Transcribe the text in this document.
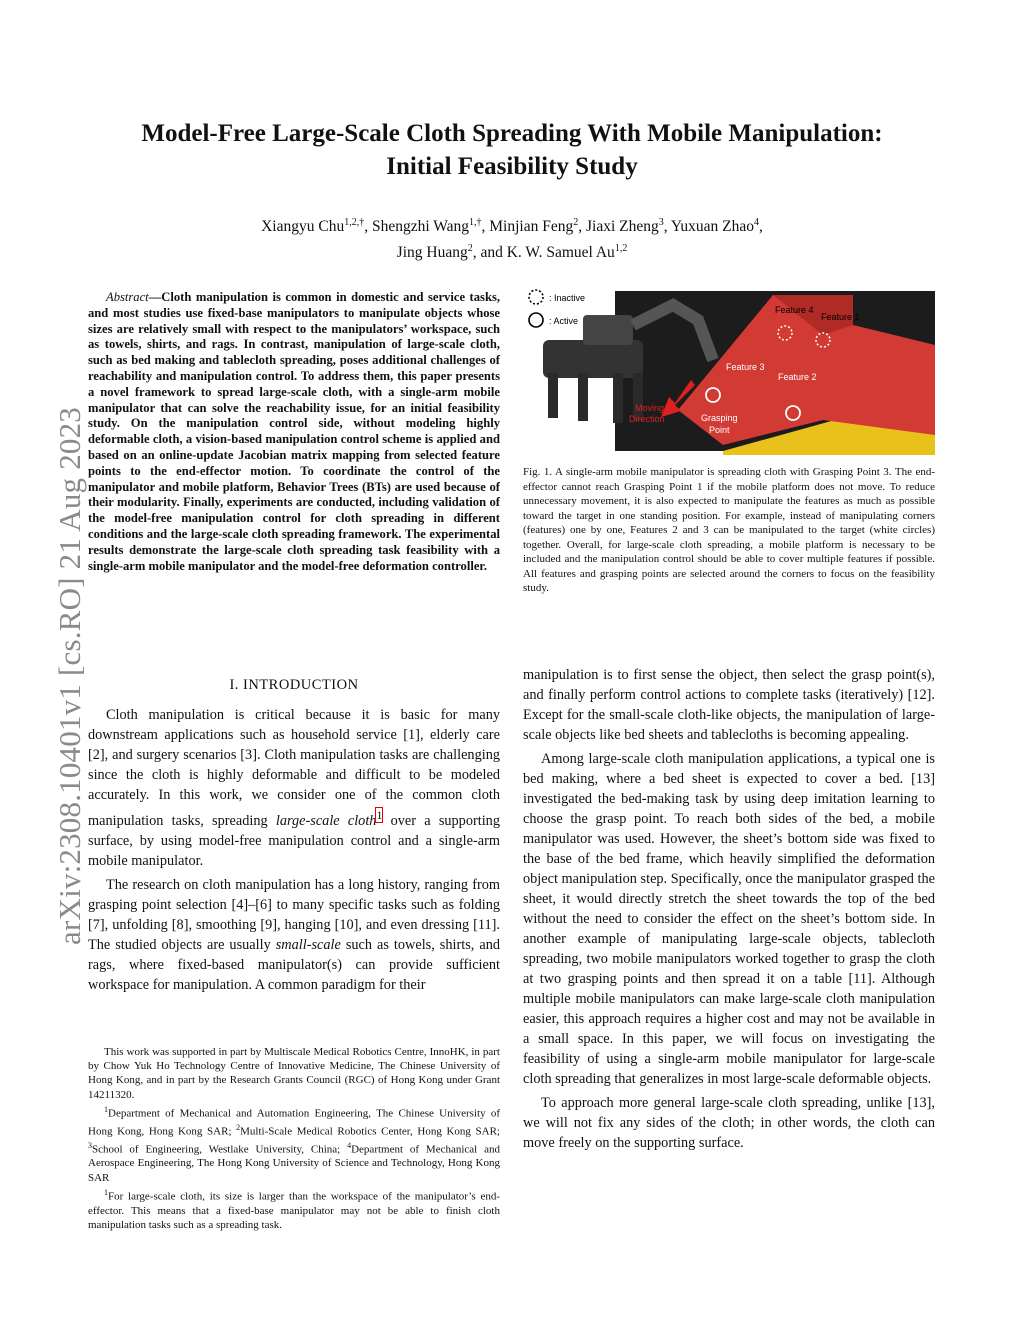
arXiv:2308.10401v1 [cs.RO] 21 Aug 2023
Model-Free Large-Scale Cloth Spreading With Mobile Manipulation:
Initial Feasibility Study
Xiangyu Chu$^{1,2,\dagger}$, Shengzhi Wang$^{1,\dagger}$, Minjian Feng$^2$, Jiaxi Zheng$^3$, Yuxuan Zhao$^4$,
Jing Huang$^2$, and K. W. Samuel Au$^{1,2}$
Abstract—Cloth manipulation is common in domestic and service tasks, and most studies use fixed-base manipulators to manipulate objects whose sizes are relatively small with respect to the manipulators’ workspace, such as towels, shirts, and rags. In contrast, manipulation of large-scale cloth, such as bed making and tablecloth spreading, poses additional challenges of reachability and manipulation control. To address them, this paper presents a novel framework to spread large-scale cloth, with a single-arm mobile manipulator that can solve the reachability issue, for an initial feasibility study. On the manipulation control side, without modeling highly deformable cloth, a vision-based manipulation control scheme is applied and based on an online-update Jacobian matrix mapping from selected feature points to the end-effector motion. To coordinate the control of the manipulator and mobile platform, Behavior Trees (BTs) are used because of their modularity. Finally, experiments are conducted, including validation of the model-free manipulation control for cloth spreading in different conditions and the large-scale cloth spreading framework. The experimental results demonstrate the large-scale cloth spreading task feasibility with a single-arm mobile manipulator and the model-free deformation controller.
I. INTRODUCTION

Cloth manipulation is critical because it is basic for many downstream applications such as household service [1], elderly care [2], and surgery scenarios [3]. Cloth manipulation tasks are challenging since the cloth is highly deformable and difficult to be modeled accurately. In this work, we consider one of the common cloth manipulation tasks, spreading large-scale cloth$^1$ over a supporting surface, by using model-free manipulation control and a single-arm mobile manipulator.

The research on cloth manipulation has a long history, ranging from grasping point selection [4]–[6] to many specific tasks such as folding [7], unfolding [8], smoothing [9], hanging [10], and even dressing [11]. The studied objects are usually small-scale such as towels, shirts, and rags, where fixed-based manipulator(s) can provide sufficient workspace for manipulation. A common paradigm for their

This work was supported in part by Multiscale Medical Robotics Centre, InnoHK, in part by Chow Yuk Ho Technology Centre of Innovative Medicine, The Chinese University of Hong Kong, and in part by the Research Grants Council (RGC) of Hong Kong under Grant 14211320.

$^1$Department of Mechanical and Automation Engineering, The Chinese University of Hong Kong, Hong Kong SAR; $^2$Multi-Scale Medical Robotics Center, Hong Kong SAR; $^3$School of Engineering, Westlake University, China; $^4$Department of Mechanical and Aerospace Engineering, The Hong Kong University of Science and Technology, Hong Kong SAR

$^1$For large-scale cloth, its size is larger than the workspace of the manipulator’s end-effector. This means that a fixed-base manipulator may not be able to finish cloth manipulation tasks such as a spreading task.

: Inactive
: Active
Feature 4
Feature 1
Feature 3
Feature 2
Moving
Direction	Grasping
Point
Fig. 1. A single-arm mobile manipulator is spreading cloth with Grasping Point 3. The end-effector cannot reach Grasping Point 1 if the mobile platform does not move. To reduce unnecessary movement, it is also expected to manipulate the features as much as possible toward the target in one standing position. For example, instead of manipulating corners (features) one by one, Features 2 and 3 can be manipulated to the target (white circles) together. Overall, for large-scale cloth spreading, a mobile platform is necessary to be included and the manipulation control should be able to cover multiple features if possible. All features and grasping points are selected around the corners to focus on the feasibility study.

manipulation is to first sense the object, then select the grasp point(s), and finally perform control actions to complete tasks (iteratively) [12]. Except for the small-scale cloth-like objects, the manipulation of large-scale objects like bed sheets and tablecloths is becoming appealing.

Among large-scale cloth manipulation applications, a typical one is bed making, where a bed sheet is expected to cover a bed. [13] investigated the bed-making task by using deep imitation learning to choose the grasp point. To reach both sides of the bed, a mobile manipulator was used. However, the sheet’s bottom side was fixed to the base of the bed frame, which heavily simplified the deformation object manipulation step. Specifically, once the manipulator grasped the sheet, it would directly stretch the sheet towards the top of the bed without the need to consider the effect on the sheet’s bottom side. In another example of manipulating large-scale objects, tablecloth spreading, two mobile manipulators worked together to grasp the cloth at two grasping points and then spread it on a table [11]. Although multiple mobile manipulators can make large-scale cloth manipulation easier, this approach requires a higher cost and may not be available in a small space. In this paper, we will focus on investigating the feasibility of using a single-arm mobile manipulator for large-scale cloth spreading that generalizes in most large-scale deformable objects.

To approach more general large-scale cloth spreading, unlike [13], we will not fix any sides of the cloth; in other words, the cloth can move freely on the supporting surface.
